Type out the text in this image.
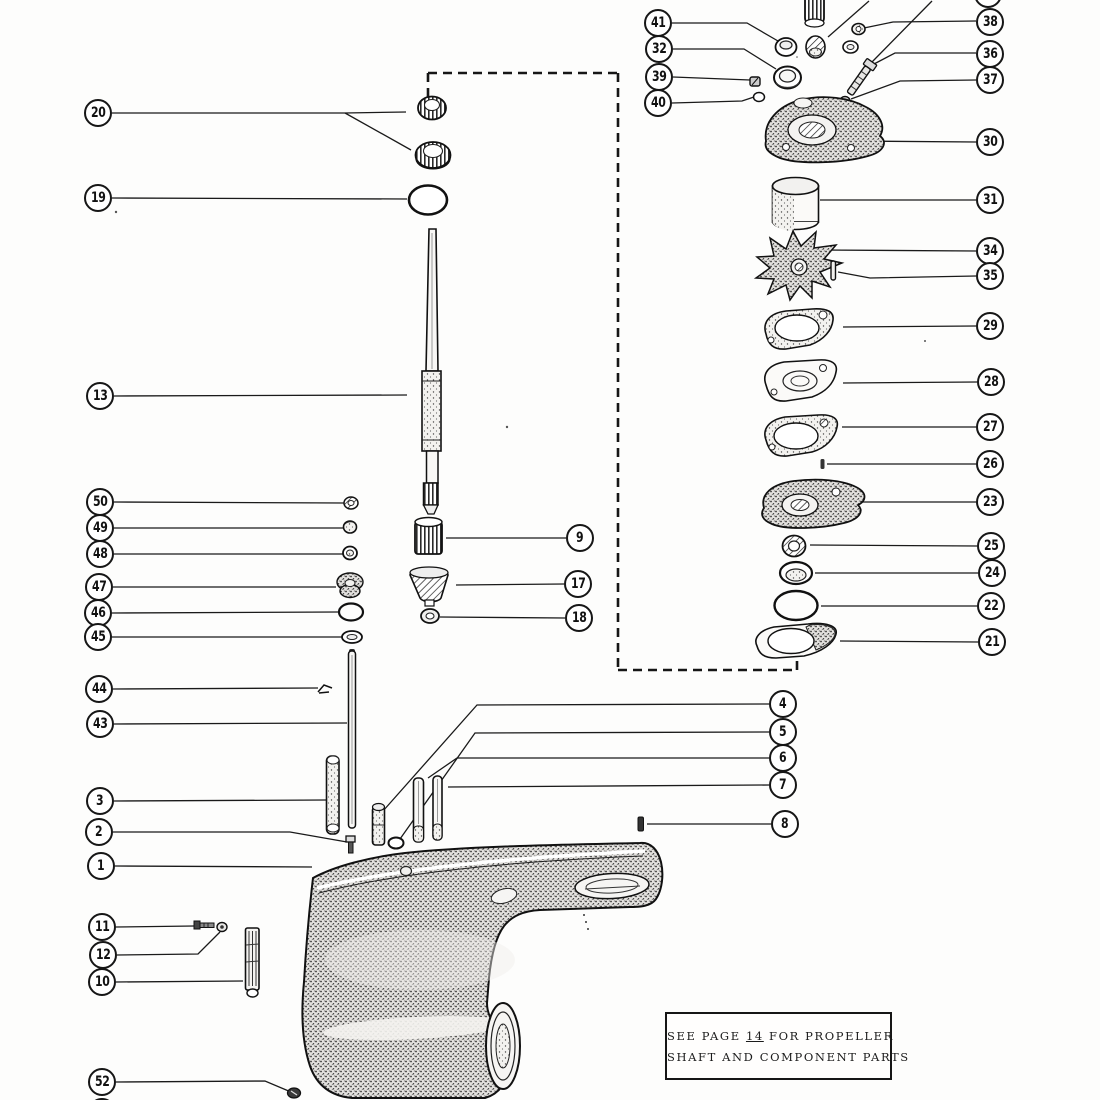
20
19
13
50
49
48
47
46
45
44
43
3
2
1
11
12
10
52
9
17
18
4
5
6
7
8
41
32
39
40
38
36
37
30
31
34
35
29
28
27
26
23
25
24
22
21
SEE PAGE 14 FOR PROPELLER
SHAFT AND COMPONENT PARTS
